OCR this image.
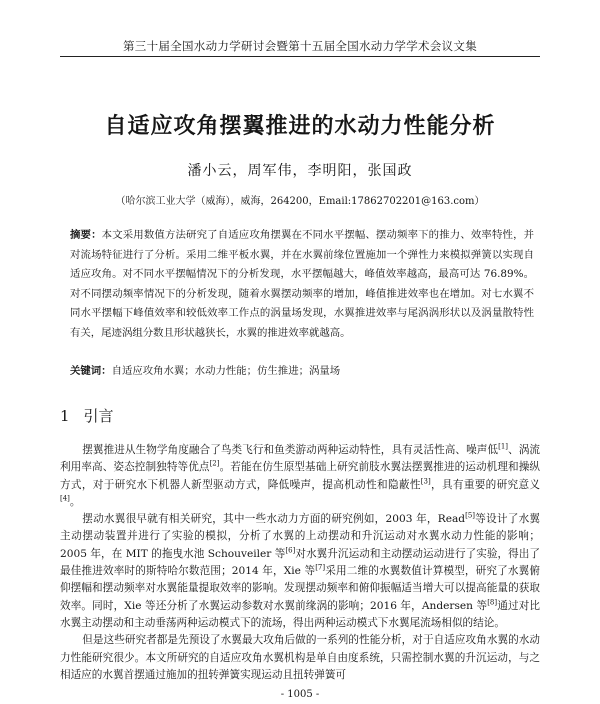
第三十届全国水动力学研讨会暨第十五届全国水动力学学术会议文集
自适应攻角摆翼推进的水动力性能分析
潘小云，周军伟，李明阳，张国政
（哈尔滨工业大学（威海），威海，264200，Email:17862702201@163.com）
摘要：本文采用数值方法研究了自适应攻角摆翼在不同水平摆幅、摆动频率下的推力、效率特性，并对流场特征进行了分析。采用二维平板水翼，并在水翼前缘位置施加一个弹性力来模拟弹簧以实现自适应攻角。对不同水平摆幅情况下的分析发现，水平摆幅越大，峰值效率越高，最高可达 76.89%。对不同摆动频率情况下的分析发现，随着水翼摆动频率的增加，峰值推进效率也在增加。对七水翼不同水平摆幅下峰值效率和较低效率工作点的涡量场发现，水翼推进效率与尾涡涡形状以及涡量散特性有关，尾迹涡组分数且形状越狭长，水翼的推进效率就越高。
关键词：自适应攻角水翼；水动力性能；仿生推进；涡量场
1 引言

摆翼推进从生物学角度融合了鸟类飞行和鱼类游动两种运动特性，具有灵活性高、噪声低[1]、涡流利用率高、姿态控制独特等优点[2]。若能在仿生原型基础上研究前肢水翼法摆翼推进的运动机理和操纵方式，对于研究水下机器人新型驱动方式，降低噪声，提高机动性和隐蔽性[3]，具有重要的研究意义[4]。

摆动水翼很早就有相关研究，其中一些水动力方面的研究例如，2003 年，Read[5]等设计了水翼主动摆动装置并进行了实验的模拟，分析了水翼的上动摆动和升沉运动对水翼水动力性能的影响；2005 年，在 MIT 的拖曳水池 Schouveiler 等[6]对水翼升沉运动和主动摆动运动进行了实验，得出了最佳推进效率时的斯特哈尔数范围；2014 年，Xie 等[7]采用二维的水翼数值计算模型，研究了水翼俯仰摆幅和摆动频率对水翼能量提取效率的影响。发现摆动频率和俯仰振幅适当增大可以提高能量的获取效率。同时，Xie 等还分析了水翼运动参数对水翼前缘涡的影响；2016 年，Andersen 等[8]通过对比水翼主动摆动和主动垂荡两种运动模式下的流场，得出两种运动模式下水翼尾流场相似的结论。

但是这些研究者都是先预设了水翼最大攻角后做的一系列的性能分析，对于自适应攻角水翼的水动力性能研究很少。本文所研究的自适应攻角水翼机构是单自由度系统，只需控制水翼的升沉运动，与之相适应的水翼首摆通过施加的扭转弹簧实现运动且扭转弹簧可

- 1005 -
